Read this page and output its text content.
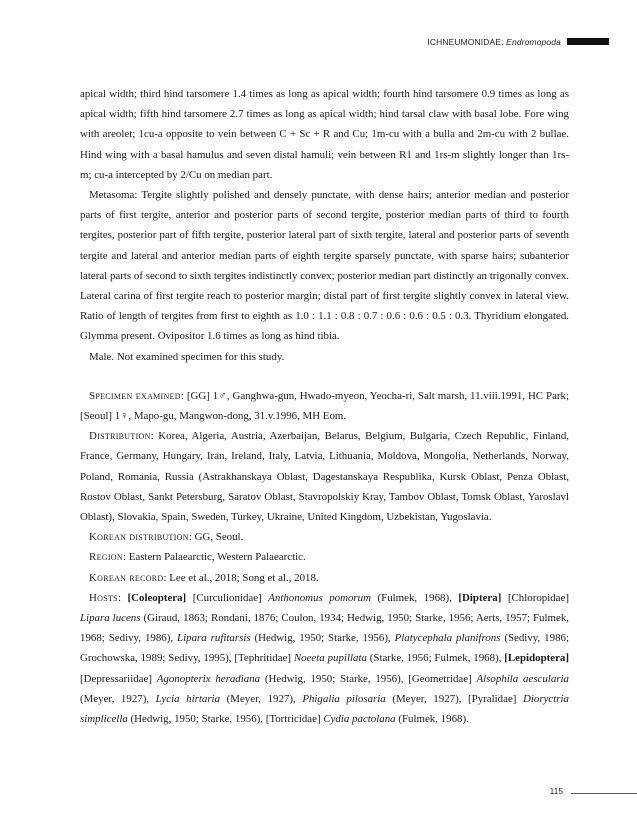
ICHNEUMONIDAE: Endromopoda

apical width; third hind tarsomere 1.4 times as long as apical width; fourth hind tarsomere 0.9 times as long as apical width; fifth hind tarsomere 2.7 times as long as apical width; hind tarsal claw with basal lobe. Fore wing with areolet; 1cu-a opposite to vein between C + Sc + R and Cu; 1m-cu with a bulla and 2m-cu with 2 bullae. Hind wing with a basal hamulus and seven distal hamuli; vein between R1 and 1rs-m slightly longer than 1rs-m; cu-a intercepted by 2/Cu on median part.

Metasoma: Tergite slightly polished and densely punctate, with dense hairs; anterior median and posterior parts of first tergite, anterior and posterior parts of second tergite, posterior median parts of third to fourth tergites, posterior part of fifth tergite, posterior lateral part of sixth tergite, lateral and posterior parts of seventh tergite and lateral and anterior median parts of eighth tergite sparsely punctate, with sparse hairs; subanterior lateral parts of second to sixth tergites indistinctly convex; posterior median part distinctly an trigonally convex. Lateral carina of first tergite reach to posterior margin; distal part of first tergite slightly convex in lateral view. Ratio of length of tergites from first to eighth as 1.0 : 1.1 : 0.8 : 0.7 : 0.6 : 0.6 : 0.5 : 0.3. Thyridium elongated. Glymma present. Ovipositor 1.6 times as long as hind tibia.

Male. Not examined specimen for this study.

Specimen examined: [GG] 1♂, Ganghwa-gun, Hwado-myeon, Yeocha-ri, Salt marsh, 11.viii.1991, HC Park; [Seoul] 1♀, Mapo-gu, Mangwon-dong, 31.v.1996, MH Eom.

Distribution: Korea, Algeria, Austria, Azerbaijan, Belarus, Belgium, Bulgaria, Czech Republic, Finland, France, Germany, Hungary, Iran, Ireland, Italy, Latvia, Lithuania, Moldova, Mongolia, Netherlands, Norway, Poland, Romania, Russia (Astrakhanskaya Oblast, Dagestanskaya Respublika, Kursk Oblast, Penza Oblast, Rostov Oblast, Sankt Petersburg, Saratov Oblast, Stavropolskiy Kray, Tambov Oblast, Tomsk Oblast, Yaroslavl Oblast), Slovakia, Spain, Sweden, Turkey, Ukraine, United Kingdom, Uzbekistan, Yugoslavia.

Korean distribution: GG, Seoul.

Region: Eastern Palaearctic, Western Palaearctic.

Korean record: Lee et al., 2018; Song et al., 2018.

Hosts: [Coleoptera] [Curculionidae] Anthonomus pomorum (Fulmek, 1968), [Diptera] [Chloropidae] Lipara lucens (Giraud, 1863; Rondani, 1876; Coulon, 1934; Hedwig, 1950; Starke, 1956; Aerts, 1957; Fulmek, 1968; Sedivy, 1986), Lipara rufitarsis (Hedwig, 1950; Starke, 1956), Platycephala planifrons (Sedivy, 1986; Grochowska, 1989; Sedivy, 1995), [Tephritidae] Noeeta pupillata (Starke, 1956; Fulmek, 1968), [Lepidoptera] [Depressariidae] Agonopterix heradiana (Hedwig, 1950; Starke, 1956), [Geometridae] Alsophila aescularia (Meyer, 1927), Lycia hirtaria (Meyer, 1927), Phigalia pilosaria (Meyer, 1927), [Pyralidae] Dioryctria simplicella (Hedwig, 1950; Starke, 1956), [Tortricidae] Cydia pactolana (Fulmek, 1968).

115
